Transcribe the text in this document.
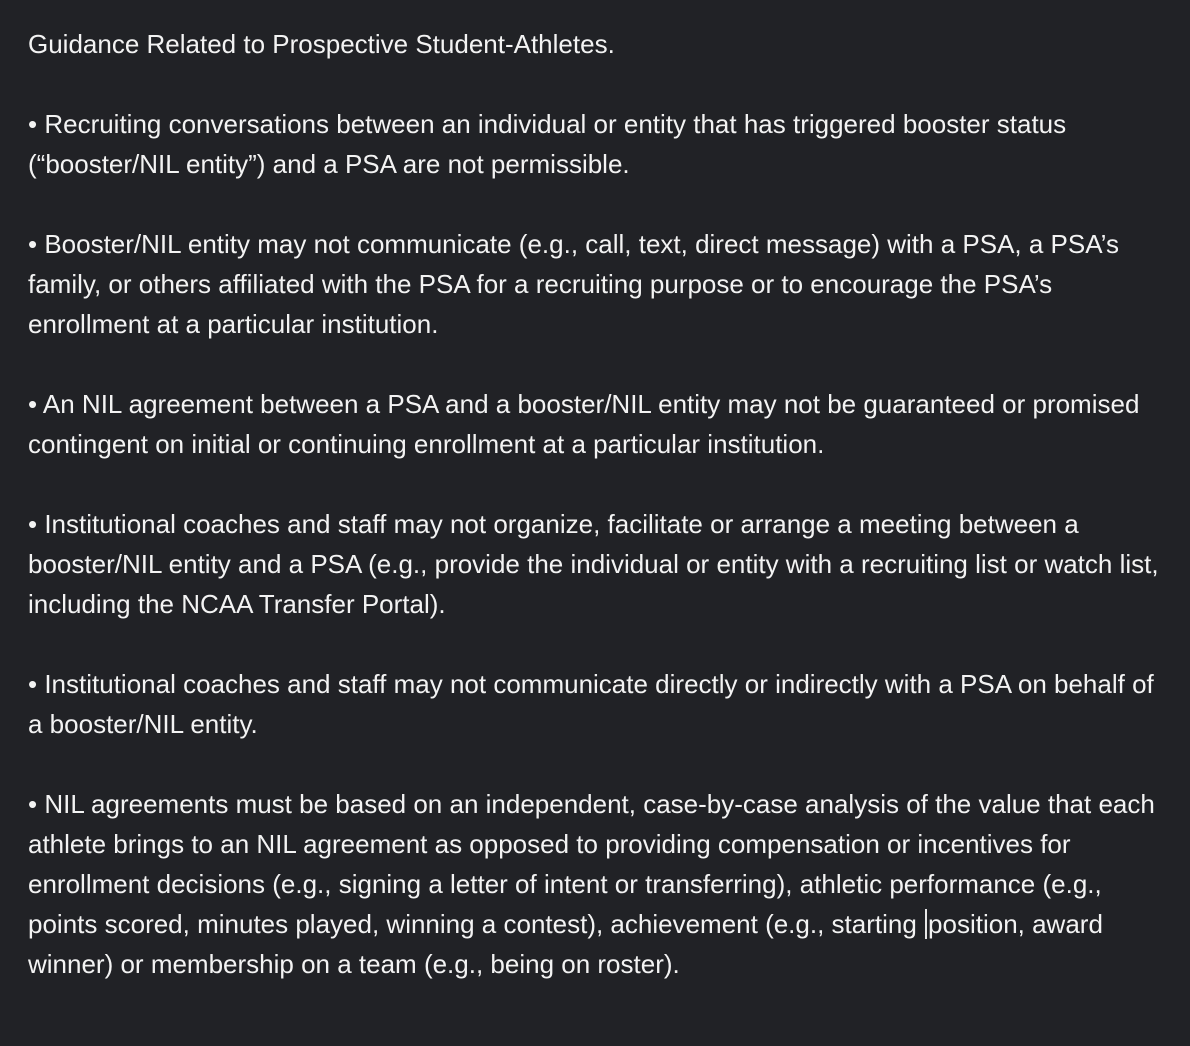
Guidance Related to Prospective Student-Athletes.

• Recruiting conversations between an individual or entity that has triggered booster status (“booster/NIL entity”) and a PSA are not permissible.

• Booster/NIL entity may not communicate (e.g., call, text, direct message) with a PSA, a PSA’s family, or others affiliated with the PSA for a recruiting purpose or to encourage the PSA’s enrollment at a particular institution.

• An NIL agreement between a PSA and a booster/NIL entity may not be guaranteed or promised contingent on initial or continuing enrollment at a particular institution.

• Institutional coaches and staff may not organize, facilitate or arrange a meeting between a booster/NIL entity and a PSA (e.g., provide the individual or entity with a recruiting list or watch list, including the NCAA Transfer Portal).

• Institutional coaches and staff may not communicate directly or indirectly with a PSA on behalf of a booster/NIL entity.

• NIL agreements must be based on an independent, case-by-case analysis of the value that each athlete brings to an NIL agreement as opposed to providing compensation or incentives for enrollment decisions (e.g., signing a letter of intent or transferring), athletic performance (e.g., points scored, minutes played, winning a contest), achievement (e.g., starting position, award winner) or membership on a team (e.g., being on roster).
